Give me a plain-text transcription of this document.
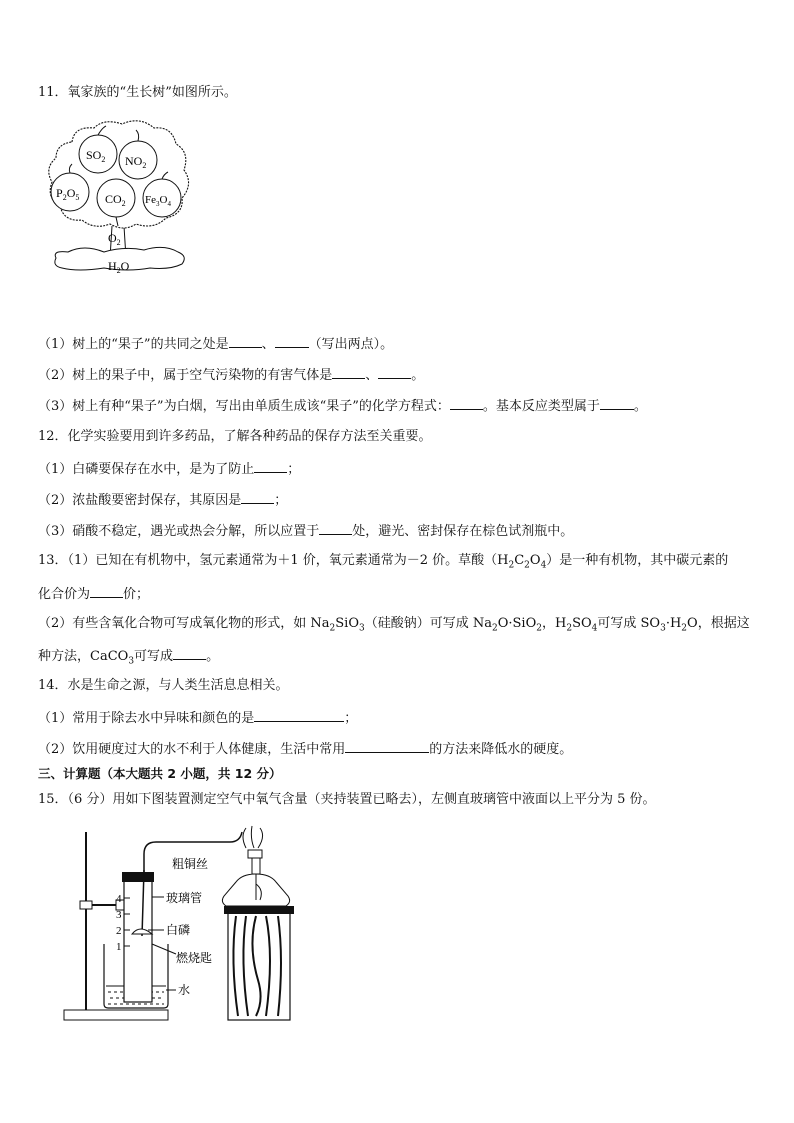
11．氧家族的“生长树”如图所示。
$SO_2$ $NO_2$
$P_2O_5$ $CO_2$ $Fe_3O_4$
$O_2$
$H_2O$
（1）树上的“果子”的共同之处是	、	（写出两点）。
（2）树上的果子中，属于空气污染物的有害气体是	、	。
（3）树上有种“果子”为白烟，写出由单质生成该“果子”的化学方程式：	。基本反应类型属于	。
12．化学实验要用到许多药品，了解各种药品的保存方法至关重要。
（1）白磷要保存在水中，是为了防止	；
（2）浓盐酸要密封保存，其原因是	；
（3）硝酸不稳定，遇光或热会分解，所以应置于	处，避光、密封保存在棕色试剂瓶中。
13．（1）已知在有机物中，氢元素通常为＋1 价，氧元素通常为－2 价。草酸$(H_2C_2O_4)$是一种有机物，其中碳元素的
化合价为	价；
（2）有些含氧化合物可写成氧化物的形式，如 $Na_2SiO_3$（硅酸钠）可写成 $Na_2O\cdot SiO_2$，$H_2SO_4$可写成 $SO_3\cdot H_2O$，根据这
种方法，CaCO$_3$可写成	。
14．水是生命之源，与人类生活息息相关。
（1）常用于除去水中异味和颜色的是	；
（2）饮用硬度过大的水不利于人体健康，生活中常用	的方法来降低水的硬度。
三、计算题（本大题共 2 小题，共 12 分）
15．（6 分）用如下图装置测定空气中氧气含量（夹持装置已略去），左侧直玻璃管中液面以上平分为 5 份。
4
3
2
1
粗铜丝
玻璃管
白磷
燃烧匙
水
